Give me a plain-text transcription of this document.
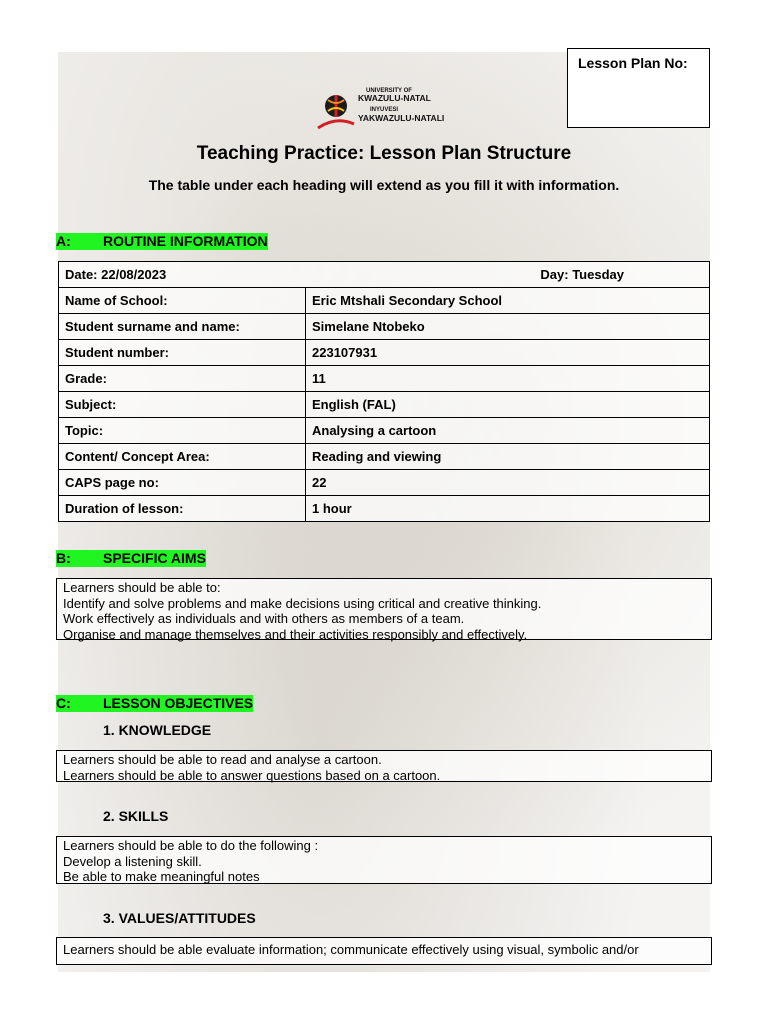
Lesson Plan No:
UNIVERSITY OF
KWAZULU-NATAL
INYUVESI
YAKWAZULU-NATALI
Teaching Practice: Lesson Plan Structure
The table under each heading will extend as you fill it with information.
A: ROUTINE INFORMATION
Date: 22/08/2023 Day: Tuesday	

Name of School:	Eric Mtshali Secondary School
Student surname and name:	Simelane Ntobeko
Student number:	223107931
Grade:	11
Subject:	English (FAL)
Topic:	Analysing a cartoon
Content/ Concept Area:	Reading and viewing
CAPS page no:	22
Duration of lesson:	1 hour
B: SPECIFIC AIMS
Learners should be able to:
Identify and solve problems and make decisions using critical and creative thinking.
Work effectively as individuals and with others as members of a team.
Organise and manage themselves and their activities responsibly and effectively.
C: LESSON OBJECTIVES
1. KNOWLEDGE
Learners should be able to read and analyse a cartoon.
Learners should be able to answer questions based on a cartoon.
2. SKILLS
Learners should be able to do the following :
Develop a listening skill.
Be able to make meaningful notes
3. VALUES/ATTITUDES
Learners should be able evaluate information; communicate effectively using visual, symbolic and/or
